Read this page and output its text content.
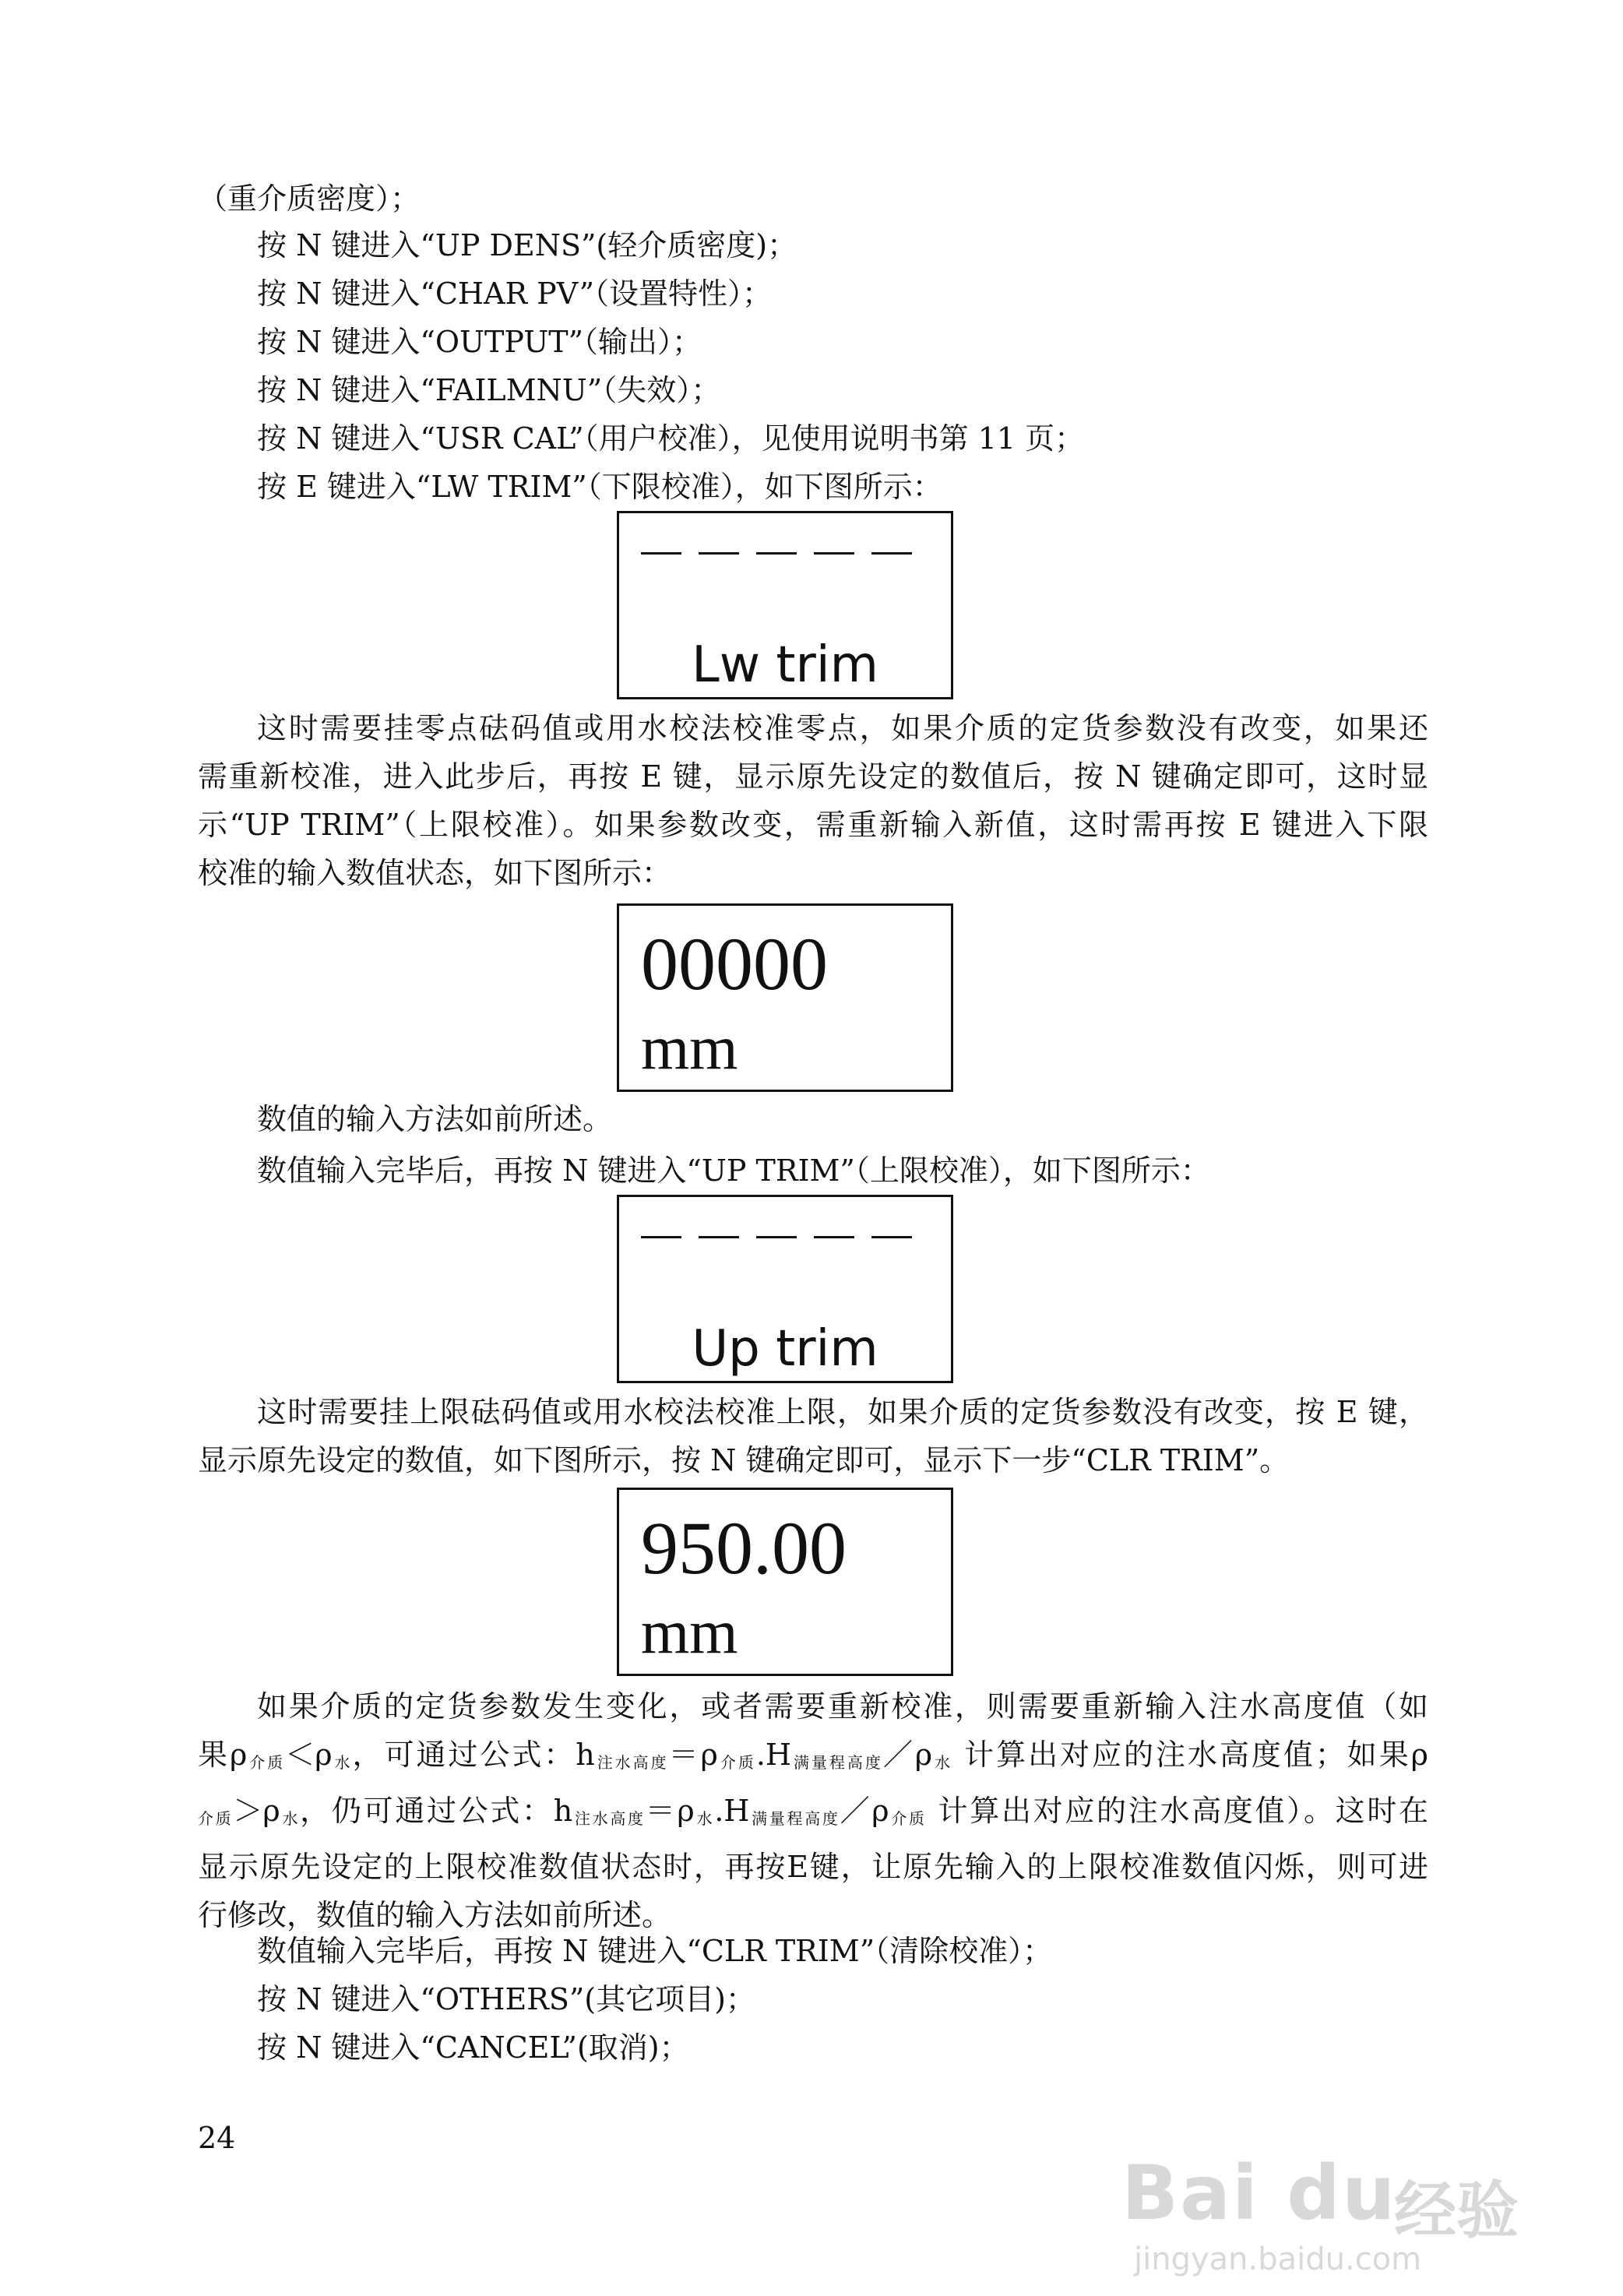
（重介质密度）；
按 N 键进入“UP DENS”(轻介质密度)；
按 N 键进入“CHAR PV”（设置特性）；
按 N 键进入“OUTPUT”（输出）；
按 N 键进入“FAILMNU”（失效）；
按 N 键进入“USR CAL”（用户校准），见使用说明书第 11 页；
按 E 键进入“LW TRIM”（下限校准），如下图所示：
Lw trim
这时需要挂零点砝码值或用水校法校准零点，如果介质的定货参数没有改变，如果还
需重新校准，进入此步后，再按 E 键，显示原先设定的数值后，按 N 键确定即可，这时显
示“UP TRIM”（上限校准）。如果参数改变，需重新输入新值，这时需再按 E 键进入下限
校准的输入数值状态，如下图所示：
00000
mm
数值的输入方法如前所述。
数值输入完毕后，再按 N 键进入“UP TRIM”（上限校准），如下图所示：
Up trim
这时需要挂上限砝码值或用水校法校准上限，如果介质的定货参数没有改变，按 E 键，
显示原先设定的数值，如下图所示，按 N 键确定即可，显示下一步“CLR TRIM”。
950.00
mm
如果介质的定货参数发生变化，或者需要重新校准，则需要重新输入注水高度值（如
果$\rho_{介质}<\rho_水$，可通过公式：$h_{注水高度}=\rho_{介质}.H_{满量程高度}/\rho_水$ 计算出对应的注水高度值；如果ρ
$_{介质}>\rho_水$，仍可通过公式：$h_{注水高度}=\rho_水.H_{满量程高度}/\rho_{介质}$ 计算出对应的注水高度值）。这时在
显示原先设定的上限校准数值状态时，再按E键，让原先输入的上限校准数值闪烁，则可进
行修改，数值的输入方法如前所述。
数值输入完毕后，再按 N 键进入“CLR TRIM”（清除校准）；
按 N 键进入“OTHERS”(其它项目)；
按 N 键进入“CANCEL”(取消)；
24
Bai du
经验
jingyan.baidu.com
